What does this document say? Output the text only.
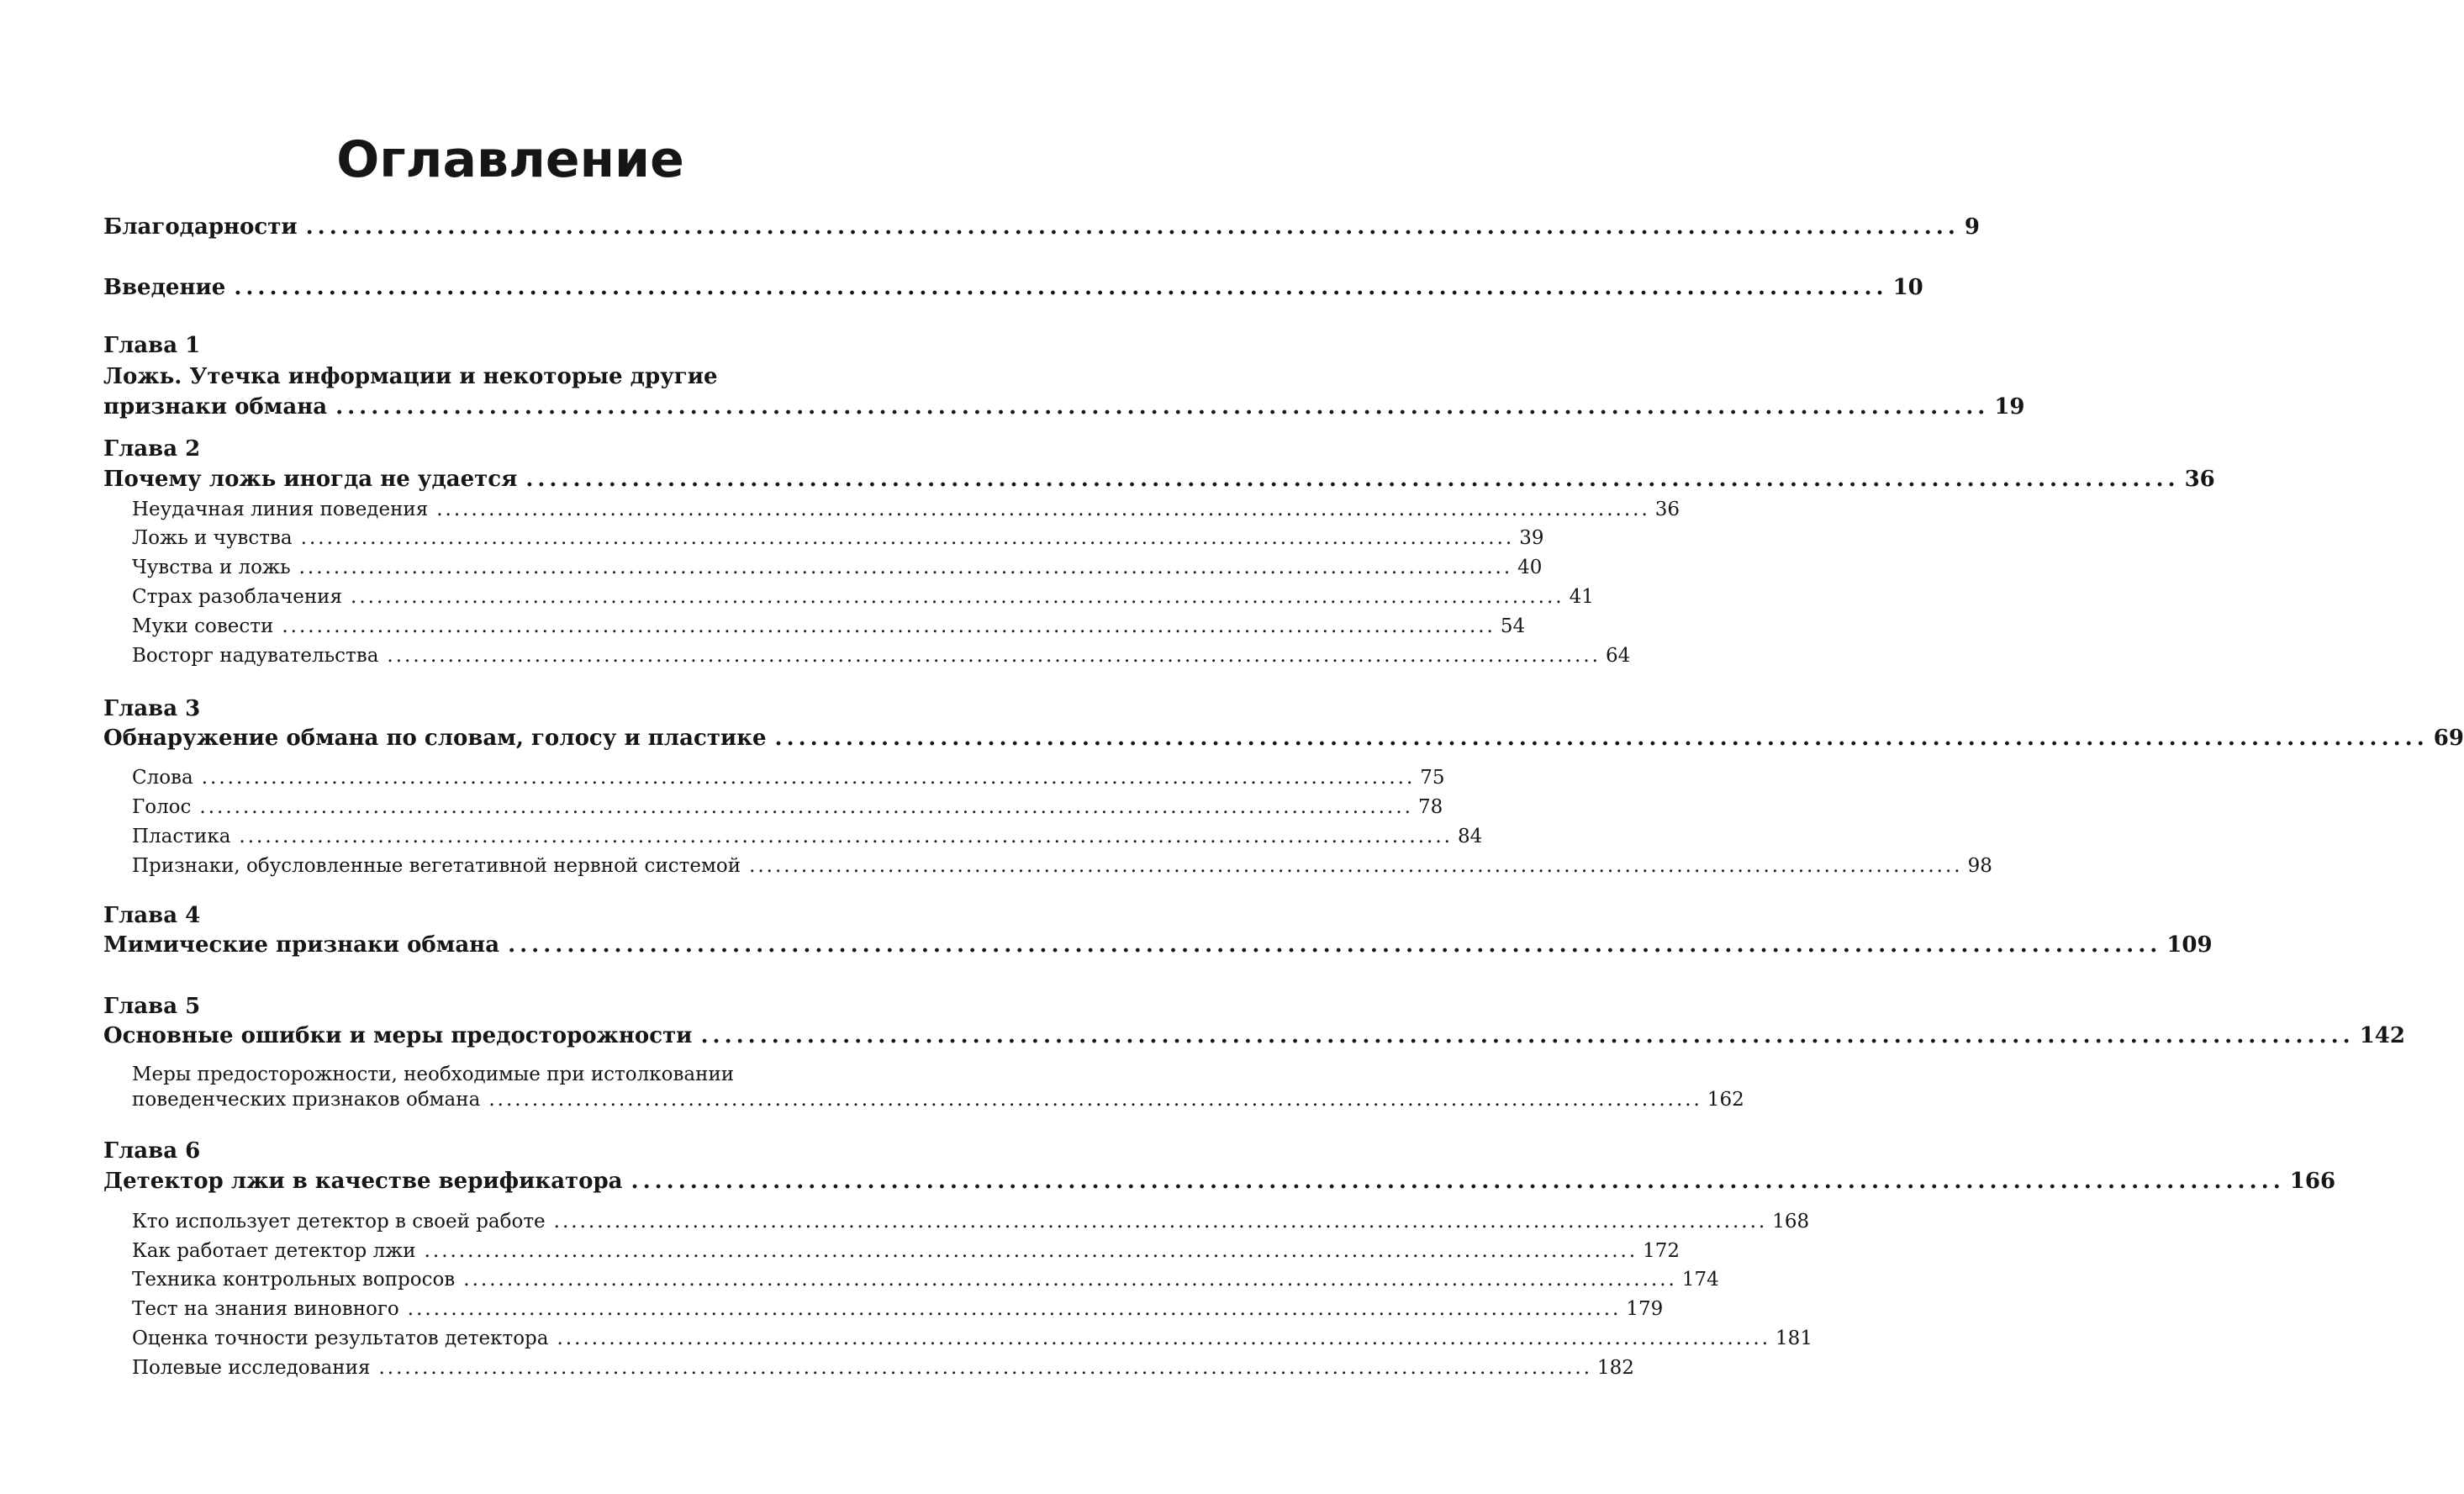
Оглавление
Благодарности ............................................................................................................................................ 9
Введение ............................................................................................................................................ 10
Глава 1
Ложь. Утечка информации и некоторые другие
признаки обмана ............................................................................................................................................ 19
Глава 2
Почему ложь иногда не удается ............................................................................................................................................ 36
Неудачная линия поведения ............................................................................................................................................ 36
Ложь и чувства ............................................................................................................................................ 39
Чувства и ложь ............................................................................................................................................ 40
Страх разоблачения ............................................................................................................................................ 41
Муки совести ............................................................................................................................................ 54
Восторг надувательства ............................................................................................................................................ 64
Глава 3
Обнаружение обмана по словам, голосу и пластике ............................................................................................................................................ 69
Слова ............................................................................................................................................ 75
Голос ............................................................................................................................................ 78
Пластика ............................................................................................................................................ 84
Признаки, обусловленные вегетативной нервной системой ............................................................................................................................................ 98
Глава 4
Мимические признаки обмана ............................................................................................................................................ 109
Глава 5
Основные ошибки и меры предосторожности ............................................................................................................................................ 142
Меры предосторожности, необходимые при истолковании
поведенческих признаков обмана ............................................................................................................................................ 162
Глава 6
Детектор лжи в качестве верификатора ............................................................................................................................................ 166
Кто использует детектор в своей работе ............................................................................................................................................ 168
Как работает детектор лжи ............................................................................................................................................ 172
Техника контрольных вопросов ............................................................................................................................................ 174
Тест на знания виновного ............................................................................................................................................ 179
Оценка точности результатов детектора ............................................................................................................................................ 181
Полевые исследования ............................................................................................................................................ 182
